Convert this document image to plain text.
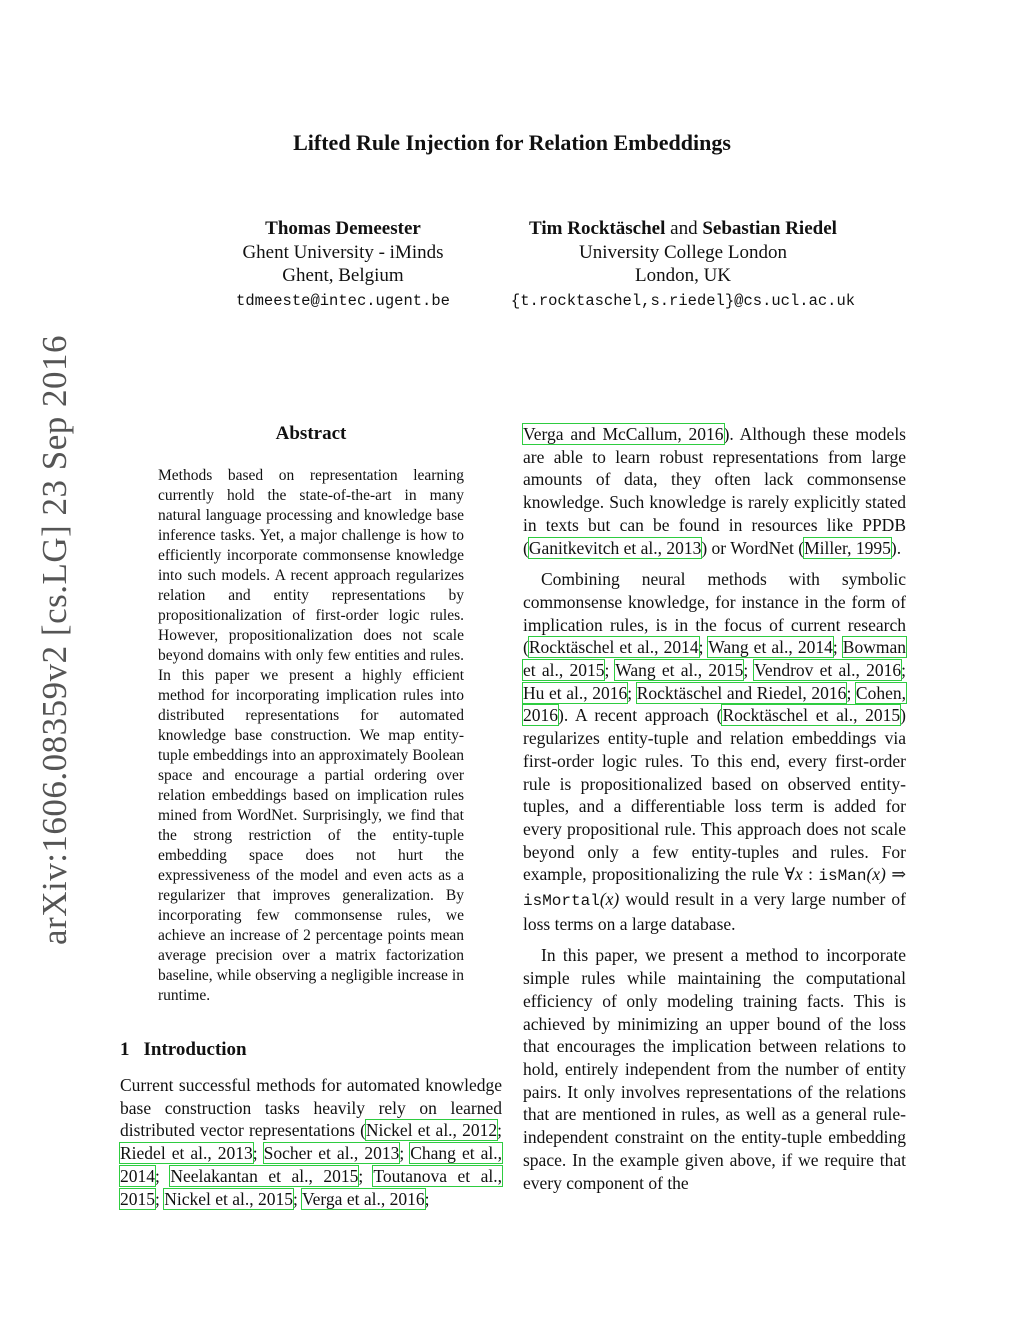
arXiv:1606.08359v2 [cs.LG] 23 Sep 2016
Lifted Rule Injection for Relation Embeddings
Thomas Demeester
Ghent University - iMinds
Ghent, Belgium
tdmeeste@intec.ugent.be
Tim Rocktäschel and Sebastian Riedel
University College London
London, UK
{t.rocktaschel,s.riedel}@cs.ucl.ac.uk
Abstract
Methods based on representation learning currently hold the state-of-the-art in many natural language processing and knowledge base inference tasks. Yet, a major challenge is how to efficiently incorporate commonsense knowledge into such models. A recent approach regularizes relation and entity representations by propositionalization of first-order logic rules. However, propositionalization does not scale beyond domains with only few entities and rules. In this paper we present a highly efficient method for incorporating implication rules into distributed representations for automated knowledge base construction. We map entity-tuple embeddings into an approximately Boolean space and encourage a partial ordering over relation embeddings based on implication rules mined from WordNet. Surprisingly, we find that the strong restriction of the entity-tuple embedding space does not hurt the expressiveness of the model and even acts as a regularizer that improves generalization. By incorporating few commonsense rules, we achieve an increase of 2 percentage points mean average precision over a matrix factorization baseline, while observing a negligible increase in runtime.
1 Introduction

Current successful methods for automated knowledge base construction tasks heavily rely on learned distributed vector representations (Nickel et al., 2012; Riedel et al., 2013; Socher et al., 2013; Chang et al., 2014; Neelakantan et al., 2015; Toutanova et al., 2015; Nickel et al., 2015; Verga et al., 2016;

Verga and McCallum, 2016). Although these models are able to learn robust representations from large amounts of data, they often lack commonsense knowledge. Such knowledge is rarely explicitly stated in texts but can be found in resources like PPDB (Ganitkevitch et al., 2013) or WordNet (Miller, 1995).

Combining neural methods with symbolic commonsense knowledge, for instance in the form of implication rules, is in the focus of current research (Rocktäschel et al., 2014; Wang et al., 2014; Bowman et al., 2015; Wang et al., 2015; Vendrov et al., 2016; Hu et al., 2016; Rocktäschel and Riedel, 2016; Cohen, 2016). A recent approach (Rocktäschel et al., 2015) regularizes entity-tuple and relation embeddings via first-order logic rules. To this end, every first-order rule is propositionalized based on observed entity-tuples, and a differentiable loss term is added for every propositional rule. This approach does not scale beyond only a few entity-tuples and rules. For example, propositionalizing the rule ∀x : isMan(x) ⇒ isMortal(x) would result in a very large number of loss terms on a large database.

In this paper, we present a method to incorporate simple rules while maintaining the computational efficiency of only modeling training facts. This is achieved by minimizing an upper bound of the loss that encourages the implication between relations to hold, entirely independent from the number of entity pairs. It only involves representations of the relations that are mentioned in rules, as well as a general rule-independent constraint on the entity-tuple embedding space. In the example given above, if we require that every component of the
